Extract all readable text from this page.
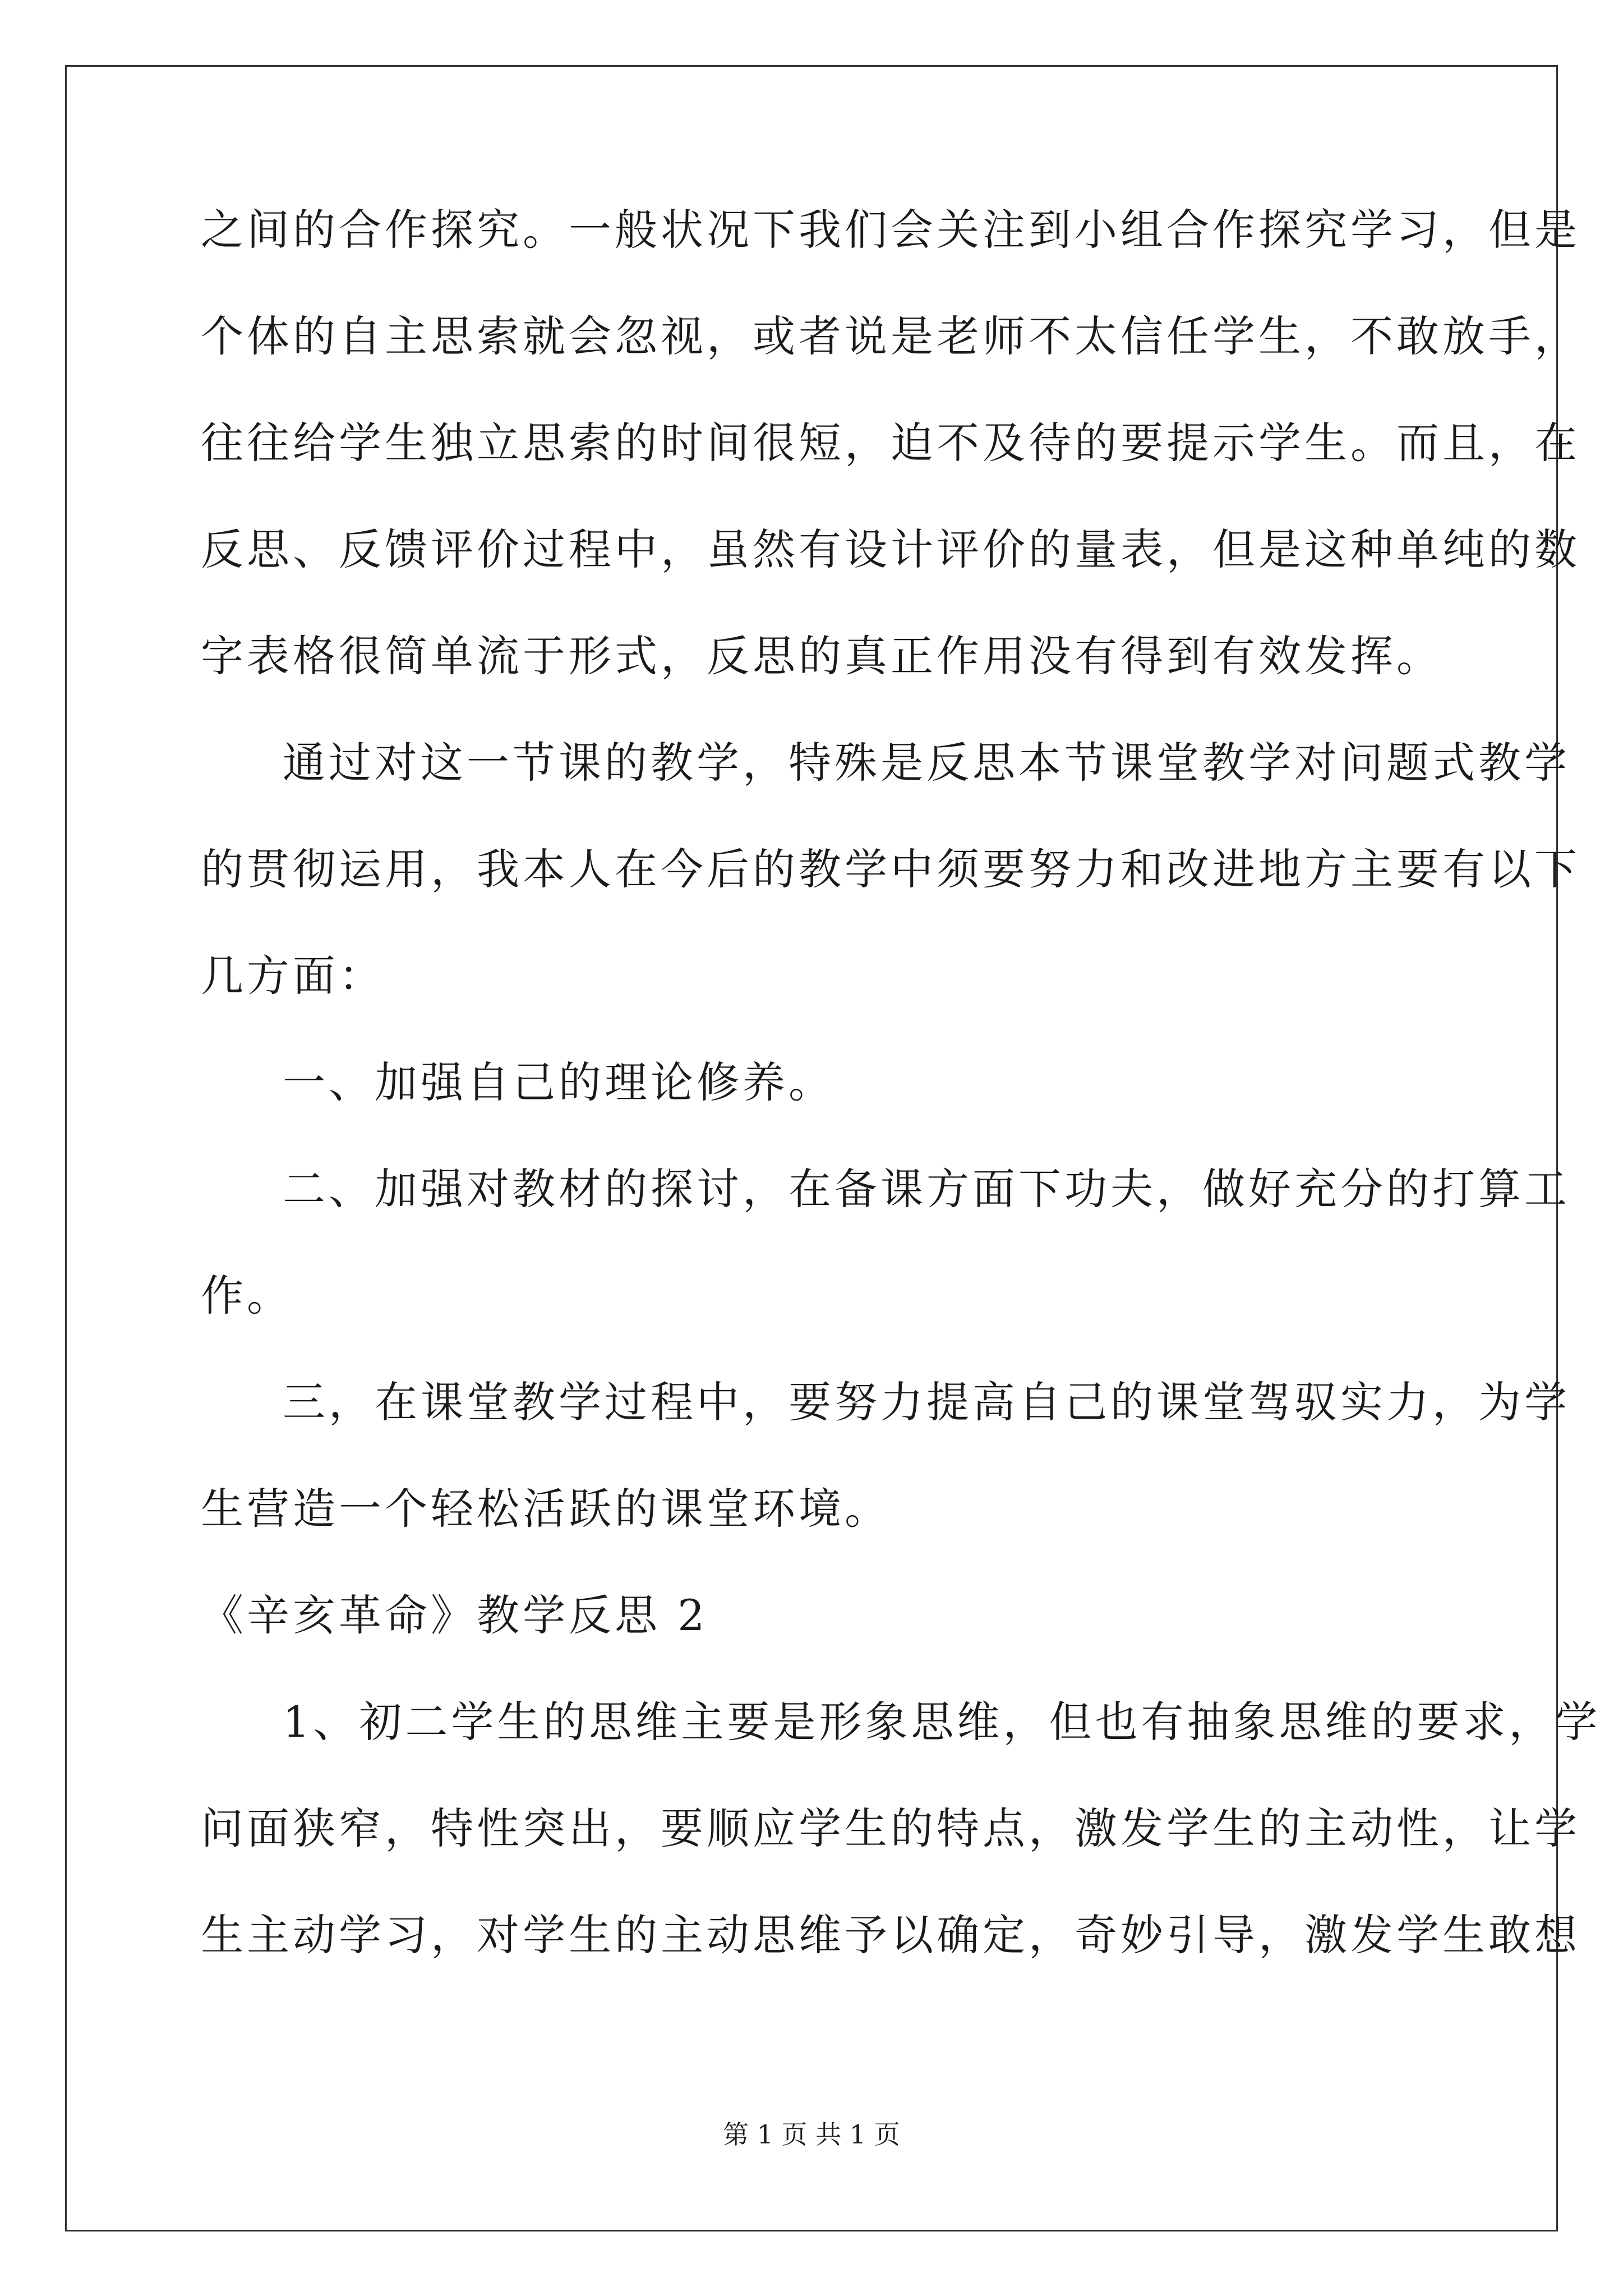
之间的合作探究。一般状况下我们会关注到小组合作探究学习，但是
个体的自主思索就会忽视，或者说是老师不太信任学生，不敢放手，
往往给学生独立思索的时间很短，迫不及待的要提示学生。而且，在
反思、反馈评价过程中，虽然有设计评价的量表，但是这种单纯的数
字表格很简单流于形式，反思的真正作用没有得到有效发挥。
通过对这一节课的教学，特殊是反思本节课堂教学对问题式教学
的贯彻运用，我本人在今后的教学中须要努力和改进地方主要有以下
几方面：
一、加强自己的理论修养。
二、加强对教材的探讨，在备课方面下功夫，做好充分的打算工
作。
三，在课堂教学过程中，要努力提高自己的课堂驾驭实力，为学
生营造一个轻松活跃的课堂环境。
《辛亥革命》教学反思 2
1、初二学生的思维主要是形象思维，但也有抽象思维的要求，学
问面狭窄，特性突出，要顺应学生的特点，激发学生的主动性，让学
生主动学习，对学生的主动思维予以确定，奇妙引导，激发学生敢想
第 1 页 共 1 页
